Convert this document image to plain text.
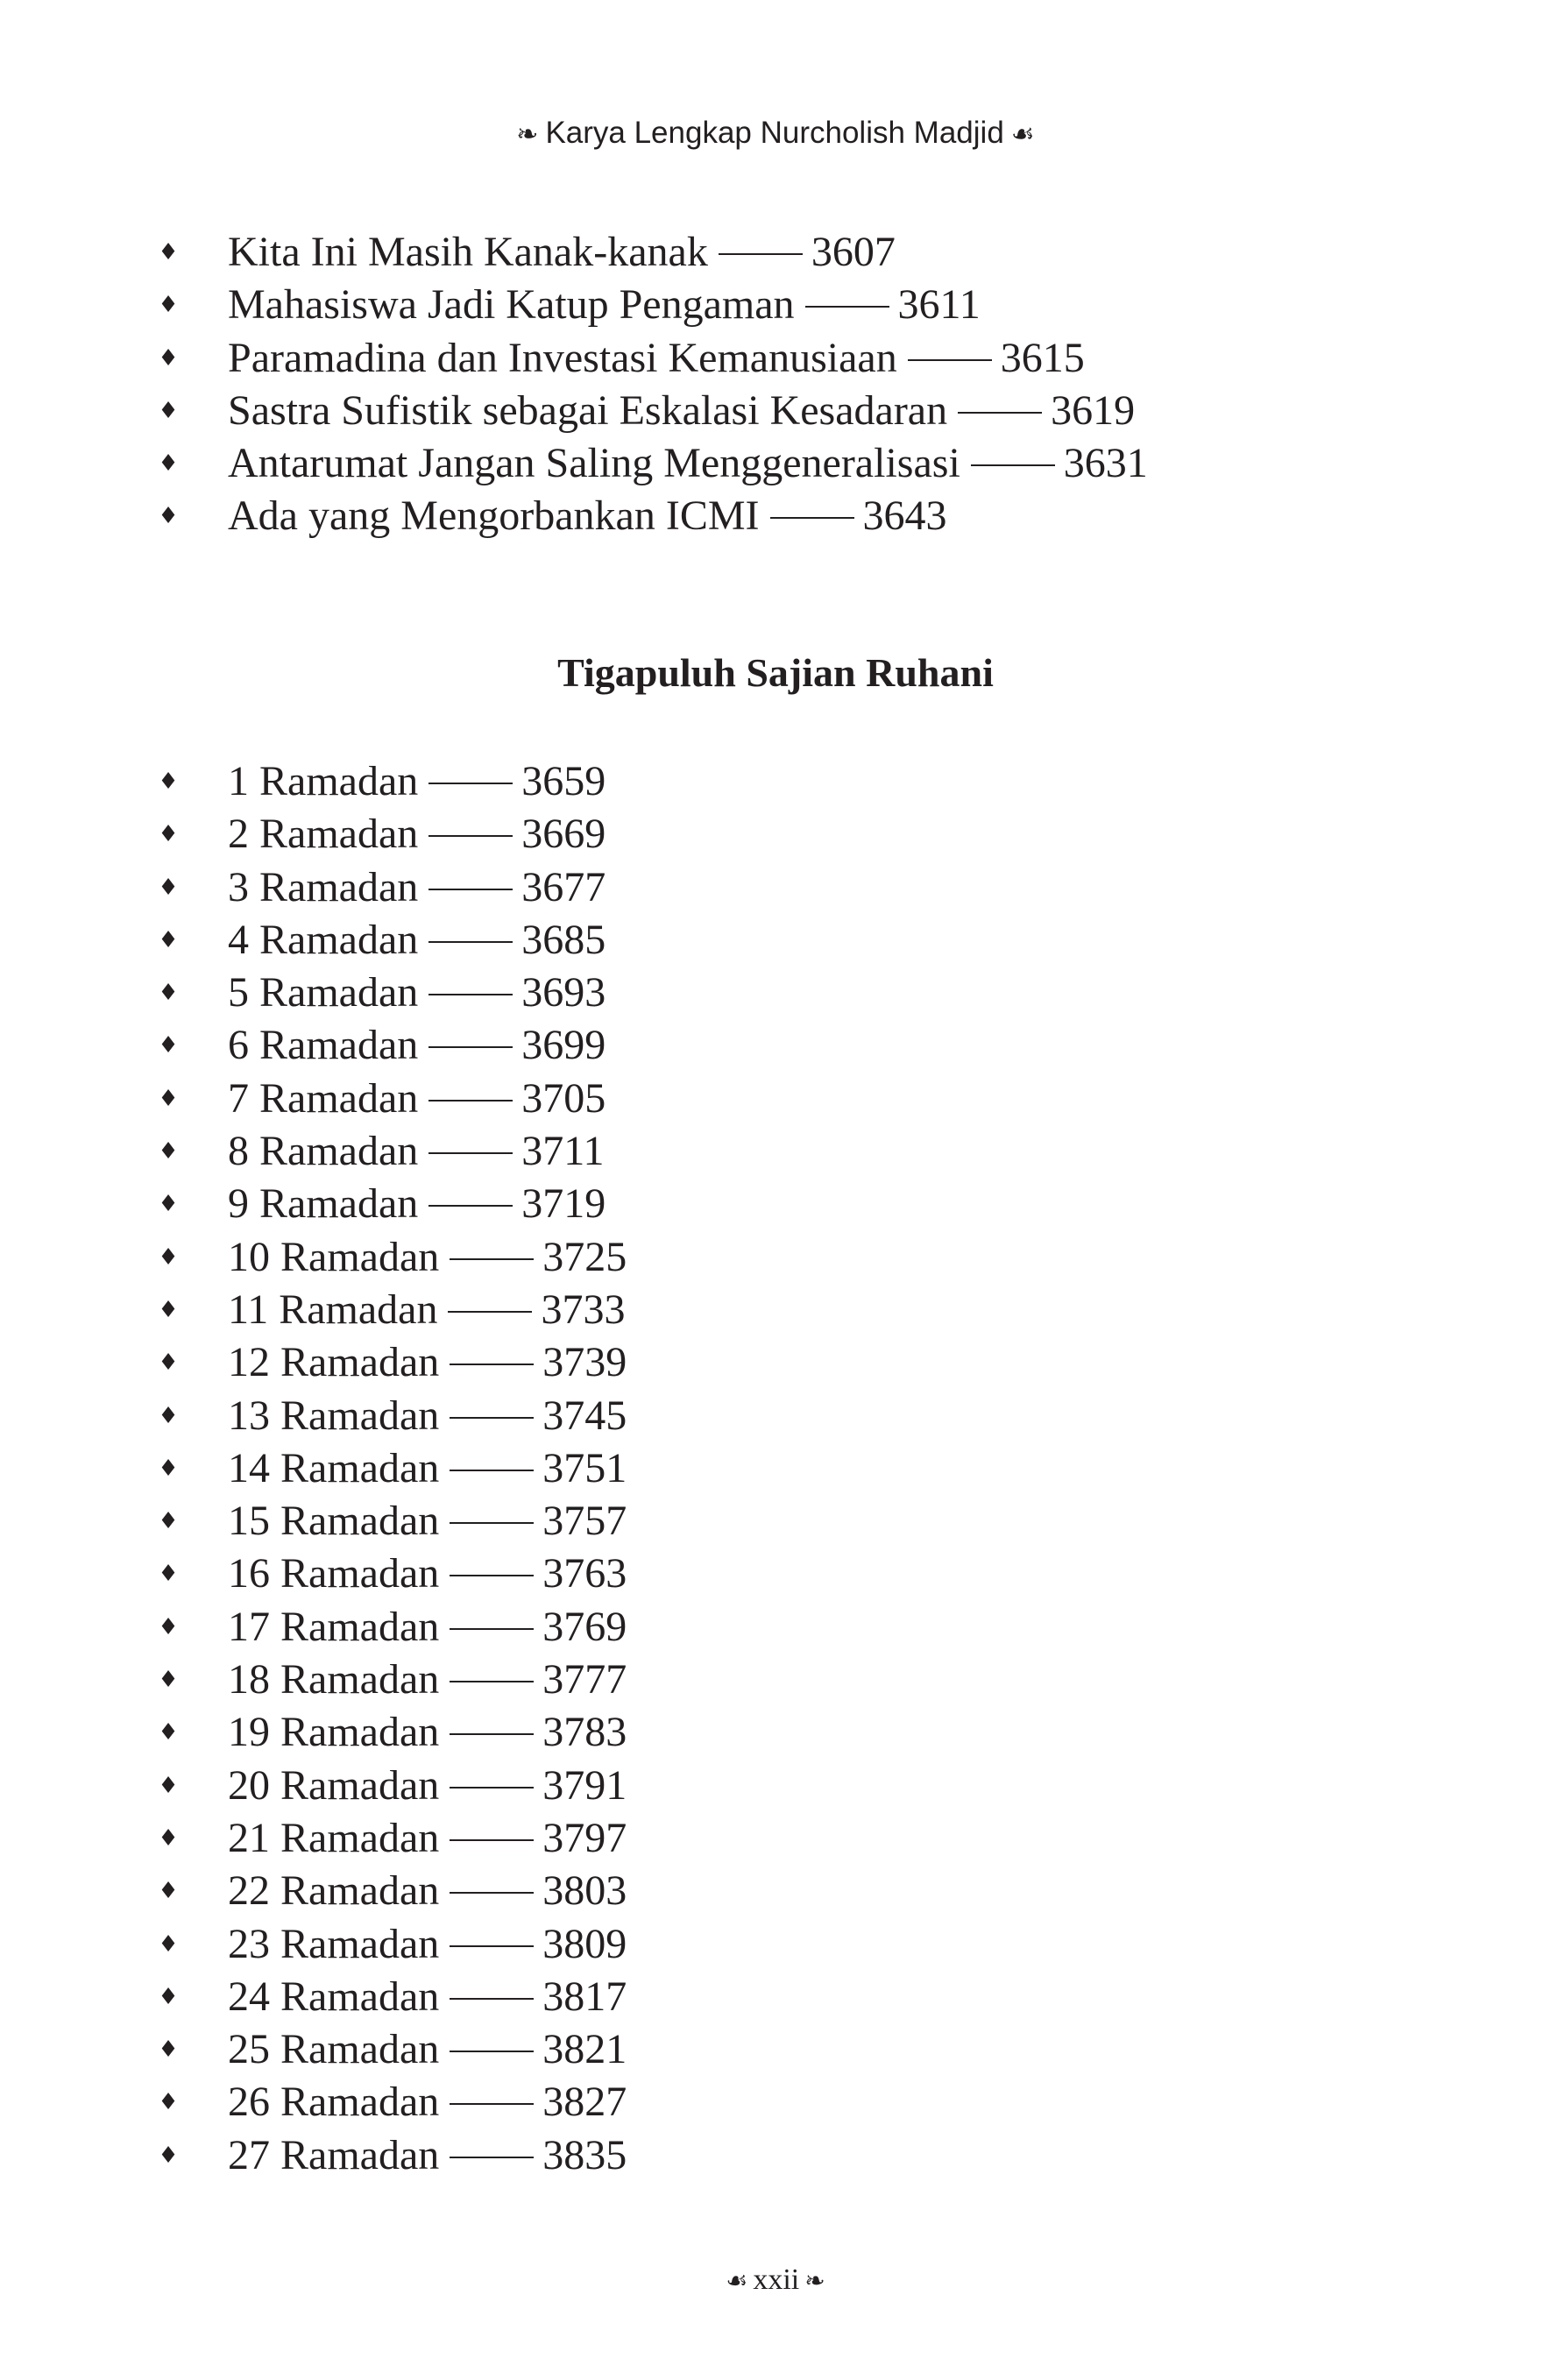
❧ Karya Lengkap Nurcholish Madjid ☙
♦ Kita Ini Masih Kanak-kanak 3607
♦ Mahasiswa Jadi Katup Pengaman 3611
♦ Paramadina dan Investasi Kemanusiaan 3615
♦ Sastra Sufistik sebagai Eskalasi Kesadaran 3619
♦ Antarumat Jangan Saling Menggeneralisasi 3631
♦ Ada yang Mengorbankan ICMI 3643
Tigapuluh Sajian Ruhani
♦ 1 Ramadan 3659
♦ 2 Ramadan 3669
♦ 3 Ramadan 3677
♦ 4 Ramadan 3685
♦ 5 Ramadan 3693
♦ 6 Ramadan 3699
♦ 7 Ramadan 3705
♦ 8 Ramadan 3711
♦ 9 Ramadan 3719
♦ 10 Ramadan 3725
♦ 11 Ramadan 3733
♦ 12 Ramadan 3739
♦ 13 Ramadan 3745
♦ 14 Ramadan 3751
♦ 15 Ramadan 3757
♦ 16 Ramadan 3763
♦ 17 Ramadan 3769
♦ 18 Ramadan 3777
♦ 19 Ramadan 3783
♦ 20 Ramadan 3791
♦ 21 Ramadan 3797
♦ 22 Ramadan 3803
♦ 23 Ramadan 3809
♦ 24 Ramadan 3817
♦ 25 Ramadan 3821
♦ 26 Ramadan 3827
♦ 27 Ramadan 3835
☙ xxii ❧
